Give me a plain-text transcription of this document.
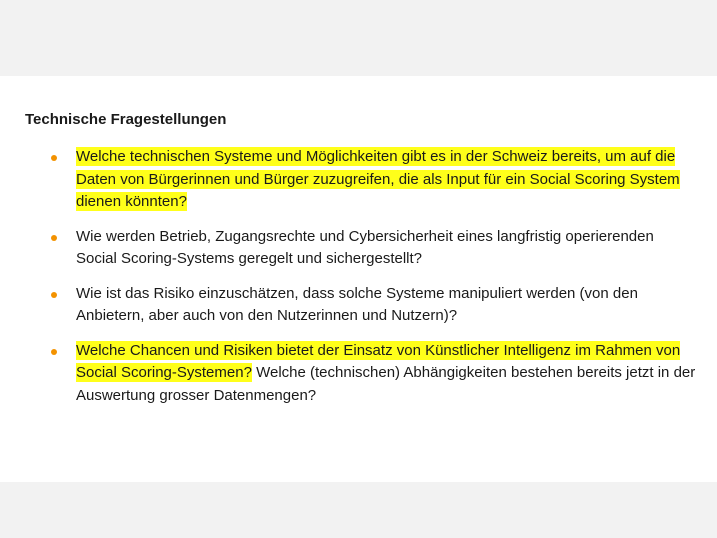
Technische Fragestellungen
Welche technischen Systeme und Möglichkeiten gibt es in der Schweiz bereits, um auf die Daten von Bürgerinnen und Bürger zuzugreifen, die als Input für ein Social Scoring System dienen könnten?
Wie werden Betrieb, Zugangsrechte und Cybersicherheit eines langfristig operierenden Social Scoring-Systems geregelt und sichergestellt?
Wie ist das Risiko einzuschätzen, dass solche Systeme manipuliert werden (von den Anbietern, aber auch von den Nutzerinnen und Nutzern)?
Welche Chancen und Risiken bietet der Einsatz von Künstlicher Intelligenz im Rahmen von Social Scoring-Systemen? Welche (technischen) Abhängigkeiten bestehen bereits jetzt in der Auswertung grosser Datenmengen?
